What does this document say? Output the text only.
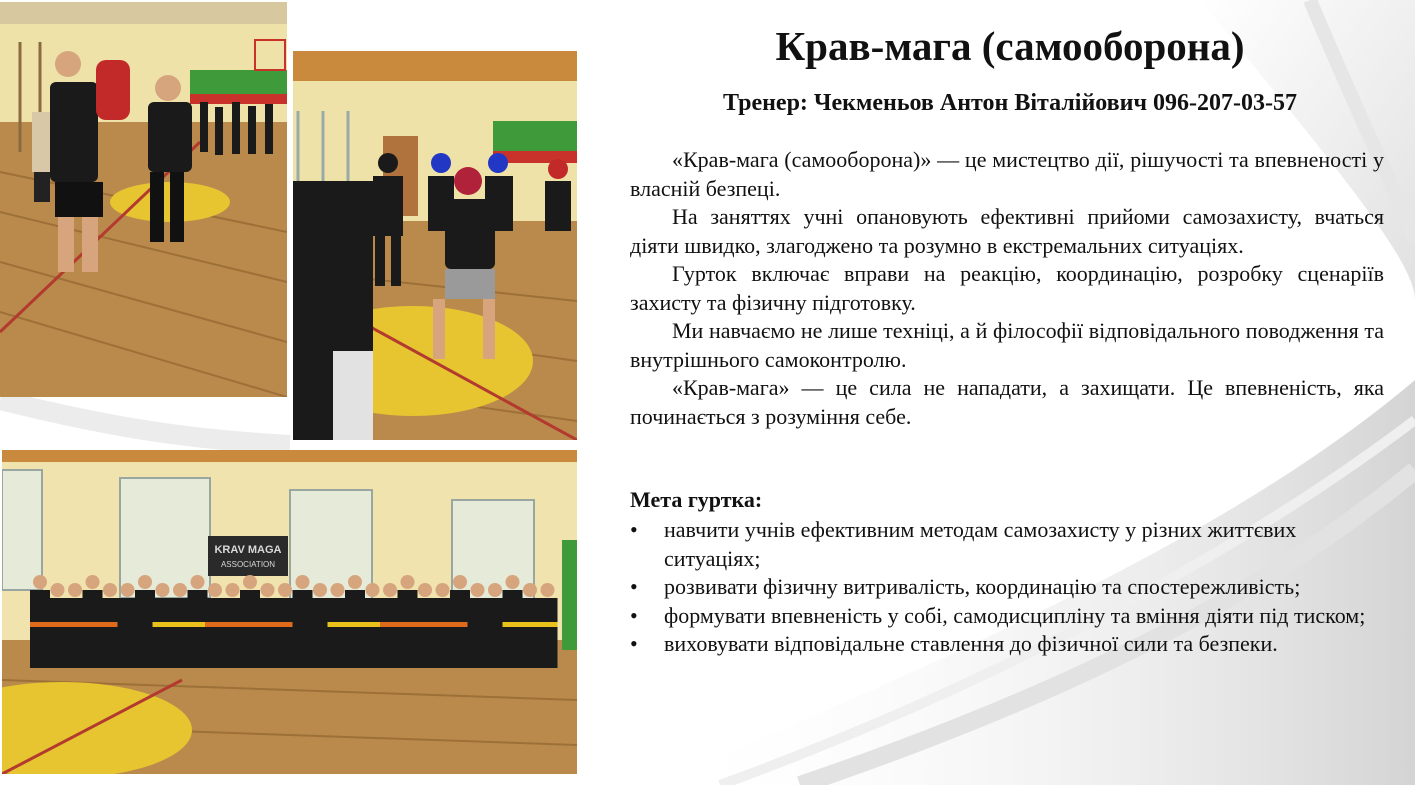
KRAV MAGA
ASSOCIATION
Крав-мага (самооборона)
Тренер: Чекменьов Антон Віталійович 096-207-03-57

«Крав-мага (самооборона)» — це мистецтво дії, рішучості та впевненості у власній безпеці.

На заняттях учні опановують ефективні прийоми самозахисту, вчаться діяти швидко, злагоджено та розумно в екстремальних ситуаціях.

Гурток включає вправи на реакцію, координацію, розробку сценаріїв захисту та фізичну підготовку.

Ми навчаємо не лише техніці, а й філософії відповідального поводження та внутрішнього самоконтролю.

«Крав-мага» — це сила не нападати, а захищати. Це впевненість, яка починається з розуміння себе.

Мета гуртка:
• навчити учнів ефективним методам самозахисту у різних життєвих ситуаціях;
• розвивати фізичну витривалість, координацію та спостережливість;
• формувати впевненість у собі, самодисципліну та вміння діяти під тиском;
• виховувати відповідальне ставлення до фізичної сили та безпеки.
